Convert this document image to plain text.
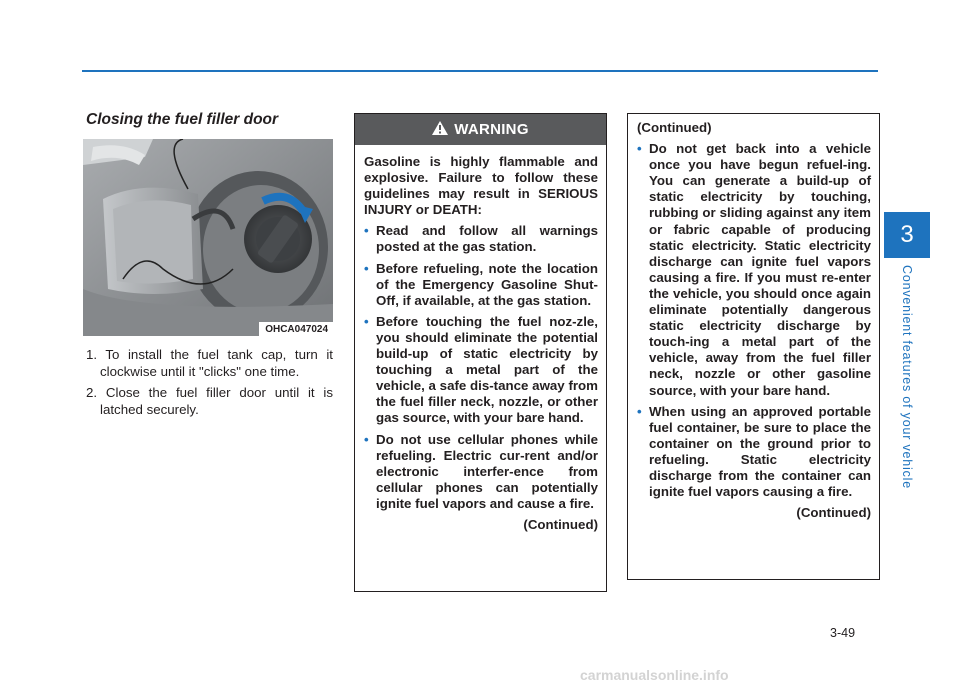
Closing the fuel filler door
OHCA047024
1. To install the fuel tank cap, turn it clockwise until it "clicks" one time.
2. Close the fuel filler door until it is latched securely.
WARNING

Gasoline is highly flammable and explosive. Failure to follow these guidelines may result in SERIOUS INJURY or DEATH:

• Read and follow all warnings posted at the gas station.
• Before refueling, note the location of the Emergency Gasoline Shut-Off, if available, at the gas station.
• Before touching the fuel noz-zle, you should eliminate the potential build-up of static electricity by touching a metal part of the vehicle, a safe dis-tance away from the fuel filler neck, nozzle, or other gas source, with your bare hand.
• Do not use cellular phones while refueling. Electric cur-rent and/or electronic interfer-ence from cellular phones can potentially ignite fuel vapors and cause a fire.
(Continued)

(Continued)

• Do not get back into a vehicle once you have begun refuel-ing. You can generate a build-up of static electricity by touching, rubbing or sliding against any item or fabric capable of producing static electricity. Static electricity discharge can ignite fuel vapors causing a fire. If you must re-enter the vehicle, you should once again eliminate potentially dangerous static electricity discharge by touch-ing a metal part of the vehicle, away from the fuel filler neck, nozzle or other gasoline source, with your bare hand.
• When using an approved portable fuel container, be sure to place the container on the ground prior to refueling. Static electricity discharge from the container can ignite fuel vapors causing a fire.
(Continued)
3
Convenient features of your vehicle
3-49
carmanualsonline.info
